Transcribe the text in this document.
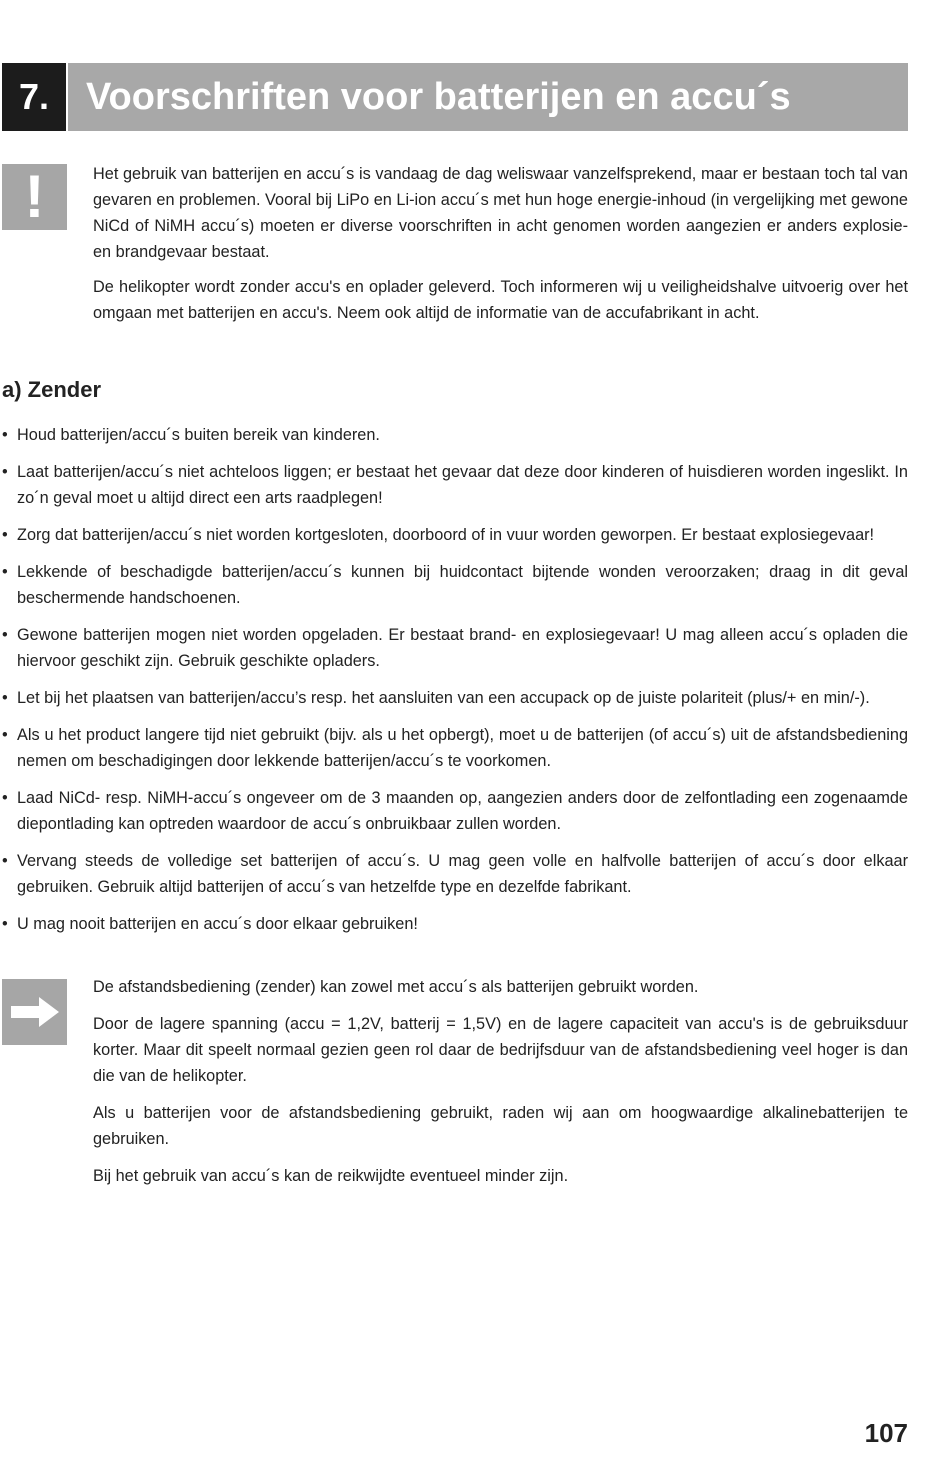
7. Voorschriften voor batterijen en accu´s
!	Het gebruik van batterijen en accu´s is vandaag de dag weliswaar vanzelfsprekend, maar er bestaan toch tal van gevaren en problemen. Vooral bij LiPo en Li-ion accu´s met hun hoge energie-inhoud (in vergelijking met gewone NiCd of NiMH accu´s) moeten er diverse voorschriften in acht genomen worden aangezien er anders explosie- en brandgevaar bestaat.

De helikopter wordt zonder accu's en oplader geleverd. Toch informeren wij u veiligheidshalve uitvoerig over het omgaan met batterijen en accu's. Neem ook altijd de informatie van de accufabrikant in acht.

a) Zender
• Houd batterijen/accu´s buiten bereik van kinderen.
• Laat batterijen/accu´s niet achteloos liggen; er bestaat het gevaar dat deze door kinderen of huisdieren worden ingeslikt. In zo´n geval moet u altijd direct een arts raadplegen!
• Zorg dat batterijen/accu´s niet worden kortgesloten, doorboord of in vuur worden geworpen. Er bestaat explosiegevaar!
• Lekkende of beschadigde batterijen/accu´s kunnen bij huidcontact bijtende wonden veroorzaken; draag in dit geval beschermende handschoenen.
• Gewone batterijen mogen niet worden opgeladen. Er bestaat brand- en explosiegevaar! U mag alleen accu´s opladen die hiervoor geschikt zijn. Gebruik geschikte opladers.
• Let bij het plaatsen van batterijen/accu’s resp. het aansluiten van een accupack op de juiste polariteit (plus/+ en min/-).
• Als u het product langere tijd niet gebruikt (bijv. als u het opbergt), moet u de batterijen (of accu´s) uit de afstandsbediening nemen om beschadigingen door lekkende batterijen/accu´s te voorkomen.
• Laad NiCd- resp. NiMH-accu´s ongeveer om de 3 maanden op, aangezien anders door de zelfontlading een zogenaamde diepontlading kan optreden waardoor de accu´s onbruikbaar zullen worden.
• Vervang steeds de volledige set batterijen of accu´s. U mag geen volle en halfvolle batterijen of accu´s door elkaar gebruiken. Gebruik altijd batterijen of accu´s van hetzelfde type en dezelfde fabrikant.
• U mag nooit batterijen en accu´s door elkaar gebruiken!

De afstandsbediening (zender) kan zowel met accu´s als batterijen gebruikt worden.

Door de lagere spanning (accu = 1,2V, batterij = 1,5V) en de lagere capaciteit van accu's is de gebruiksduur korter. Maar dit speelt normaal gezien geen rol daar de bedrijfsduur van de afstandsbediening veel hoger is dan die van de helikopter.

Als u batterijen voor de afstandsbediening gebruikt, raden wij aan om hoogwaardige alkalinebatterijen te gebruiken.

Bij het gebruik van accu´s kan de reikwijdte eventueel minder zijn.

107
